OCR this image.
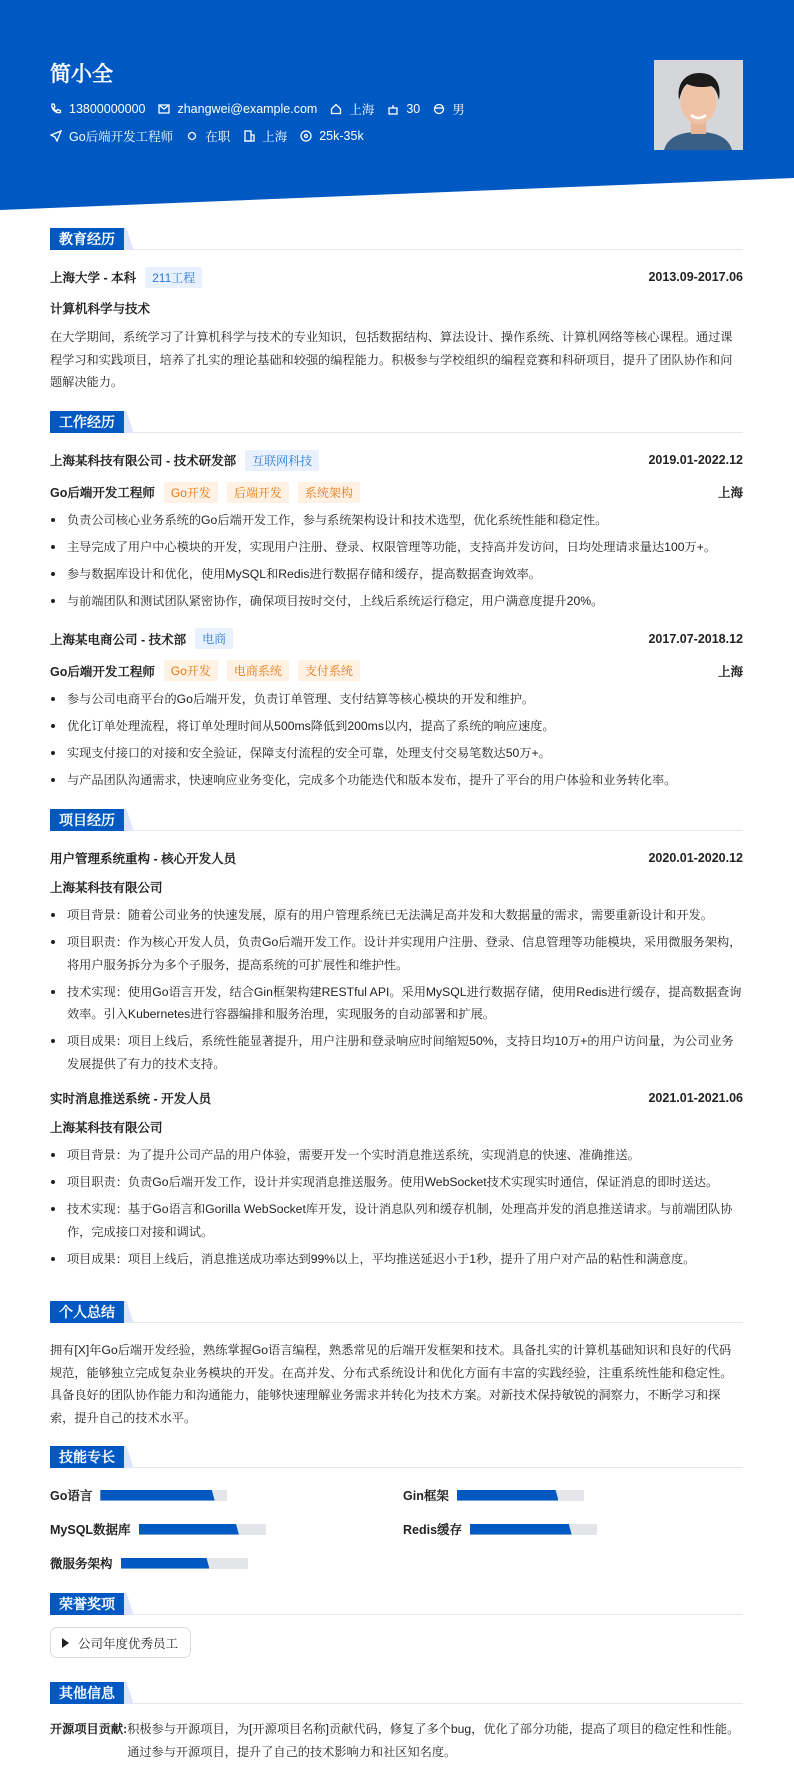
简小全
13800000000	zhangwei@example.com	上海	30	男
Go后端开发工程师	在职	上海	25k-35k
教育经历
上海大学 - 本科	211工程	2013.09-2017.06
计算机科学与技术

在大学期间，系统学习了计算机科学与技术的专业知识，包括数据结构、算法设计、操作系统、计算机网络等核心课程。通过课程学习和实践项目，培养了扎实的理论基础和较强的编程能力。积极参与学校组织的编程竞赛和科研项目，提升了团队协作和问题解决能力。

工作经历
上海某科技有限公司 - 技术研发部	互联网科技	2019.01-2022.12
Go后端开发工程师	Go开发	后端开发	系统架构	上海
负责公司核心业务系统的Go后端开发工作，参与系统架构设计和技术选型，优化系统性能和稳定性。
主导完成了用户中心模块的开发，实现用户注册、登录、权限管理等功能，支持高并发访问，日均处理请求量达100万+。
参与数据库设计和优化，使用MySQL和Redis进行数据存储和缓存，提高数据查询效率。
与前端团队和测试团队紧密协作，确保项目按时交付，上线后系统运行稳定，用户满意度提升20%。
上海某电商公司 - 技术部	电商	2017.07-2018.12
Go后端开发工程师	Go开发	电商系统	支付系统	上海
参与公司电商平台的Go后端开发，负责订单管理、支付结算等核心模块的开发和维护。
优化订单处理流程，将订单处理时间从500ms降低到200ms以内，提高了系统的响应速度。
实现支付接口的对接和安全验证，保障支付流程的安全可靠，处理支付交易笔数达50万+。
与产品团队沟通需求，快速响应业务变化，完成多个功能迭代和版本发布，提升了平台的用户体验和业务转化率。
项目经历
用户管理系统重构 - 核心开发人员	2020.01-2020.12
上海某科技有限公司
项目背景：随着公司业务的快速发展，原有的用户管理系统已无法满足高并发和大数据量的需求，需要重新设计和开发。
项目职责：作为核心开发人员，负责Go后端开发工作。设计并实现用户注册、登录、信息管理等功能模块，采用微服务架构，将用户服务拆分为多个子服务，提高系统的可扩展性和维护性。
技术实现：使用Go语言开发，结合Gin框架构建RESTful API。采用MySQL进行数据存储，使用Redis进行缓存，提高数据查询效率。引入Kubernetes进行容器编排和服务治理，实现服务的自动部署和扩展。
项目成果：项目上线后，系统性能显著提升，用户注册和登录响应时间缩短50%，支持日均10万+的用户访问量，为公司业务发展提供了有力的技术支持。
实时消息推送系统 - 开发人员	2021.01-2021.06
上海某科技有限公司
项目背景：为了提升公司产品的用户体验，需要开发一个实时消息推送系统，实现消息的快速、准确推送。
项目职责：负责Go后端开发工作，设计并实现消息推送服务。使用WebSocket技术实现实时通信，保证消息的即时送达。
技术实现：基于Go语言和Gorilla WebSocket库开发，设计消息队列和缓存机制，处理高并发的消息推送请求。与前端团队协作，完成接口对接和调试。
项目成果：项目上线后，消息推送成功率达到99%以上，平均推送延迟小于1秒，提升了用户对产品的粘性和满意度。
个人总结

拥有[X]年Go后端开发经验，熟练掌握Go语言编程，熟悉常见的后端开发框架和技术。具备扎实的计算机基础知识和良好的代码规范，能够独立完成复杂业务模块的开发。在高并发、分布式系统设计和优化方面有丰富的实践经验，注重系统性能和稳定性。具备良好的团队协作能力和沟通能力，能够快速理解业务需求并转化为技术方案。对新技术保持敏锐的洞察力，不断学习和探索，提升自己的技术水平。

技能专长
Go语言	Gin框架
MySQL数据库	Redis缓存
微服务架构
荣誉奖项
公司年度优秀员工
其他信息
开源项目贡献: 积极参与开源项目，为[开源项目名称]贡献代码，修复了多个bug，优化了部分功能，提高了项目的稳定性和性能。通过参与开源项目，提升了自己的技术影响力和社区知名度。
